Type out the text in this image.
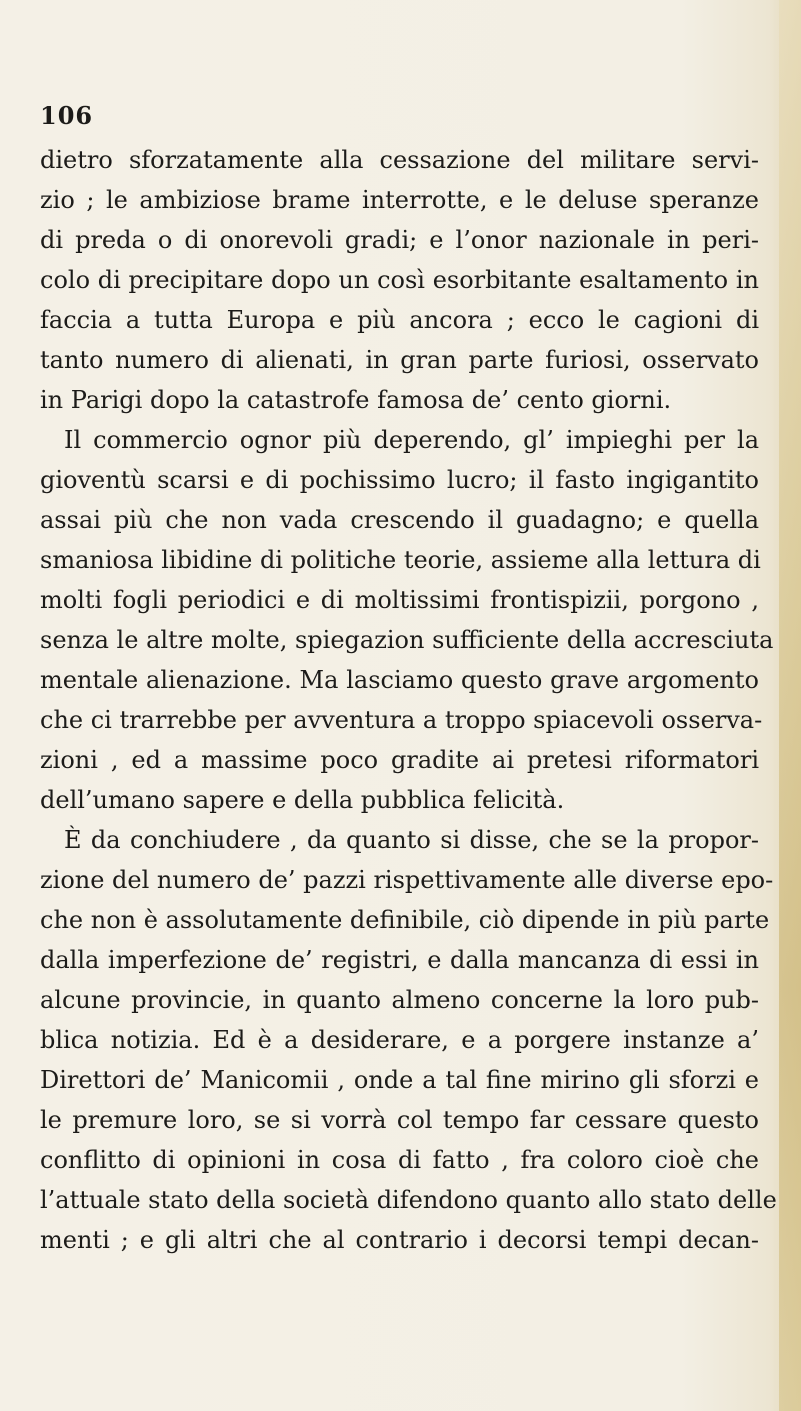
106
dietro sforzatamente alla cessazione del militare servi-
zio ; le ambiziose brame interrotte, e le deluse speranze
di preda o di onorevoli gradi; e l’onor nazionale in peri-
colo di precipitare dopo un così esorbitante esaltamento in
faccia a tutta Europa e più ancora ; ecco le cagioni di
tanto numero di alienati, in gran parte furiosi, osservato
in Parigi dopo la catastrofe famosa de’ cento giorni.
Il commercio ognor più deperendo, gl’ impieghi per la
gioventù scarsi e di pochissimo lucro; il fasto ingigantito
assai più che non vada crescendo il guadagno; e quella
smaniosa libidine di politiche teorie, assieme alla lettura di
molti fogli periodici e di moltissimi frontispizii, porgono ,
senza le altre molte, spiegazion sufficiente della accresciuta
mentale alienazione. Ma lasciamo questo grave argomento
che ci trarrebbe per avventura a troppo spiacevoli osserva-
zioni , ed a massime poco gradite ai pretesi riformatori
dell’umano sapere e della pubblica felicità.
È da conchiudere , da quanto si disse, che se la propor-
zione del numero de’ pazzi rispettivamente alle diverse epo-
che non è assolutamente definibile, ciò dipende in più parte
dalla imperfezione de’ registri, e dalla mancanza di essi in
alcune provincie, in quanto almeno concerne la loro pub-
blica notizia. Ed è a desiderare, e a porgere instanze a’
Direttori de’ Manicomii , onde a tal fine mirino gli sforzi e
le premure loro, se si vorrà col tempo far cessare questo
conflitto di opinioni in cosa di fatto , fra coloro cioè che
l’attuale stato della società difendono quanto allo stato delle
menti ; e gli altri che al contrario i decorsi tempi decan-
